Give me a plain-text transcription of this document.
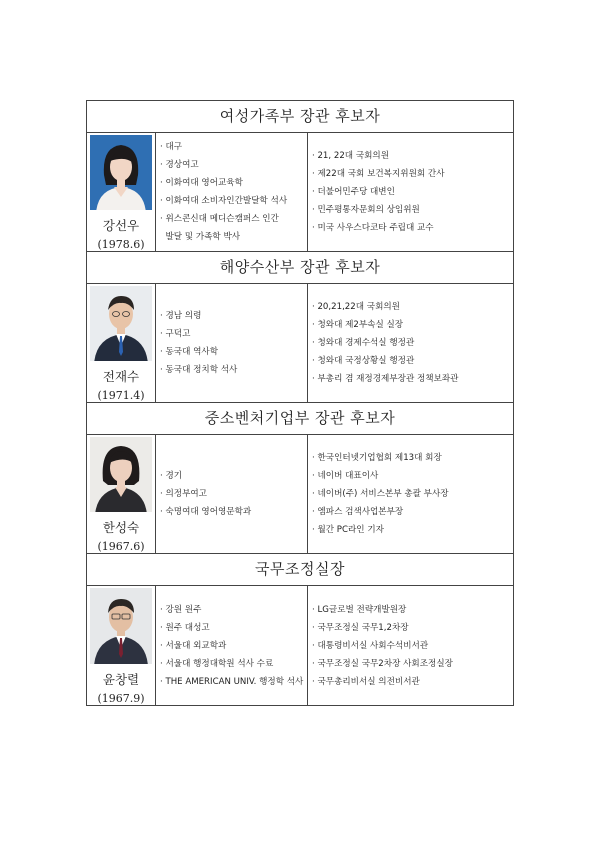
여성가족부 장관 후보자
강선우
(1978.6)
· 대구
· 경상여고
· 이화여대 영어교육학
· 이화여대 소비자인간발달학 석사
· 위스콘신대 메디슨캠퍼스 인간
발달 및 가족학 박사
· 21, 22대 국회의원
· 제22대 국회 보건복지위원회 간사
· 더불어민주당 대변인
· 민주평통자문회의 상임위원
· 미국 사우스다코타 주립대 교수
해양수산부 장관 후보자
전재수
(1971.4)
· 경남 의령
· 구덕고
· 동국대 역사학
· 동국대 정치학 석사
· 20,21,22대 국회의원
· 청와대 제2부속실 실장
· 청와대 경제수석실 행정관
· 청와대 국정상황실 행정관
· 부총리 겸 재정경제부장관 정책보좌관
중소벤처기업부 장관 후보자
한성숙
(1967.6)
· 경기
· 의정부여고
· 숙명여대 영어영문학과
· 한국인터넷기업협회 제13대 회장
· 네이버 대표이사
· 네이버(주) 서비스본부 총괄 부사장
· 엠파스 검색사업본부장
· 월간 PC라인 기자
국무조정실장
윤창렬
(1967.9)
· 강원 원주
· 원주 대성고
· 서울대 외교학과
· 서울대 행정대학원 석사 수료
· THE AMERICAN UNIV. 행정학 석사
· LG글로벌 전략개발원장
· 국무조정실 국무1,2차장
· 대통령비서실 사회수석비서관
· 국무조정실 국무2차장 사회조정실장
· 국무총리비서실 의전비서관
